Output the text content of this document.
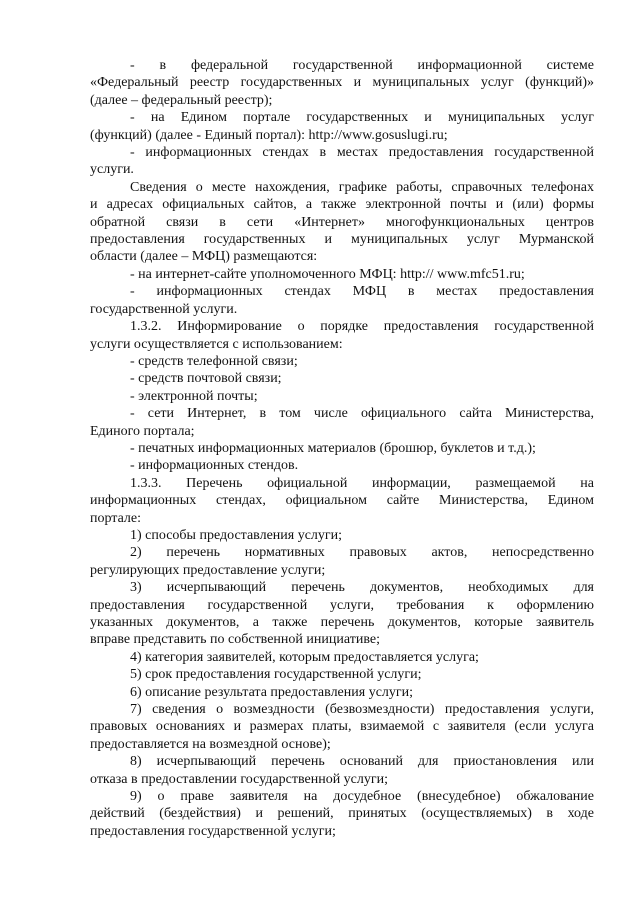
- в федеральной государственной информационной системе
«Федеральный реестр государственных и муниципальных услуг (функций)»
(далее – федеральный реестр);

- на Едином портале государственных и муниципальных услуг
(функций) (далее - Единый портал): http://www.gosuslugi.ru;

- информационных стендах в местах предоставления государственной
услуги.

Сведения о месте нахождения, графике работы, справочных телефонах
и адресах официальных сайтов, а также электронной почты и (или) формы
обратной связи в сети «Интернет» многофункциональных центров
предоставления государственных и муниципальных услуг Мурманской
области (далее – МФЦ) размещаются:

- на интернет-сайте уполномоченного МФЦ: http:// www.mfc51.ru;

- информационных стендах МФЦ в местах предоставления
государственной услуги.

1.3.2. Информирование о порядке предоставления государственной
услуги осуществляется с использованием:

- средств телефонной связи;

- средств почтовой связи;

- электронной почты;

- сети Интернет, в том числе официального сайта Министерства,
Единого портала;

- печатных информационных материалов (брошюр, буклетов и т.д.);

- информационных стендов.

1.3.3. Перечень официальной информации, размещаемой на
информационных стендах, официальном сайте Министерства, Едином
портале:

1) способы предоставления услуги;

2) перечень нормативных правовых актов, непосредственно
регулирующих предоставление услуги;

3) исчерпывающий перечень документов, необходимых для
предоставления государственной услуги, требования к оформлению
указанных документов, а также перечень документов, которые заявитель
вправе представить по собственной инициативе;

4) категория заявителей, которым предоставляется услуга;

5) срок предоставления государственной услуги;

6) описание результата предоставления услуги;

7) сведения о возмездности (безвозмездности) предоставления услуги,
правовых основаниях и размерах платы, взимаемой с заявителя (если услуга
предоставляется на возмездной основе);

8) исчерпывающий перечень оснований для приостановления или
отказа в предоставлении государственной услуги;

9) о праве заявителя на досудебное (внесудебное) обжалование
действий (бездействия) и решений, принятых (осуществляемых) в ходе
предоставления государственной услуги;
